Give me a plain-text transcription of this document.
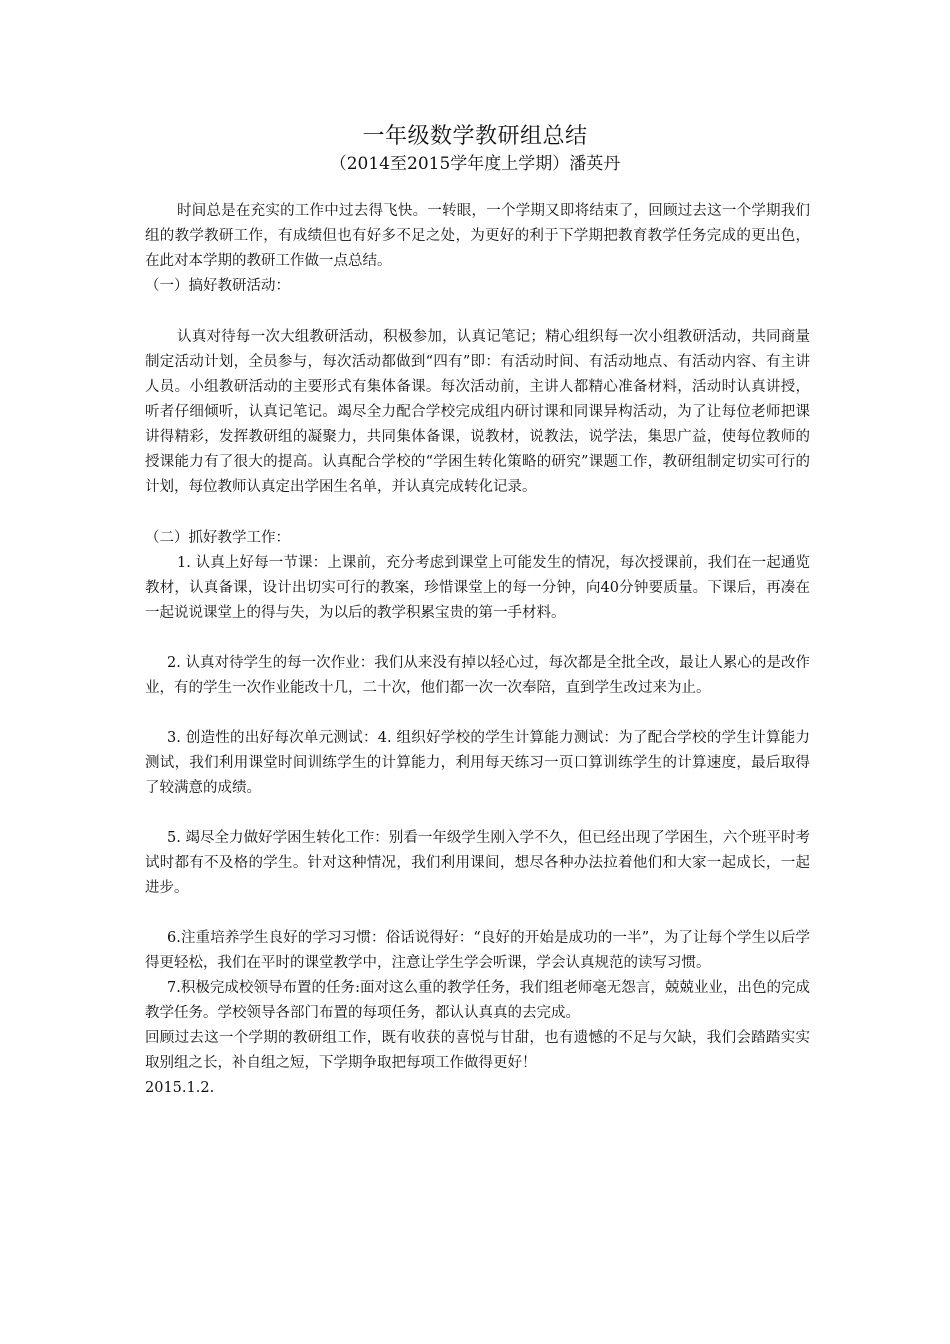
一年级数学教研组总结
（2014至2015学年度上学期）潘英丹

时间总是在充实的工作中过去得飞快。一转眼，一个学期又即将结束了，回顾过去这一个学期我们组的教学教研工作，有成绩但也有好多不足之处，为更好的利于下学期把教育教学任务完成的更出色，在此对本学期的教研工作做一点总结。

（一）搞好教研活动：

认真对待每一次大组教研活动，积极参加，认真记笔记；精心组织每一次小组教研活动，共同商量制定活动计划，全员参与，每次活动都做到“四有”即：有活动时间、有活动地点、有活动内容、有主讲人员。小组教研活动的主要形式有集体备课。每次活动前，主讲人都精心准备材料，活动时认真讲授，听者仔细倾听，认真记笔记。竭尽全力配合学校完成组内研讨课和同课异构活动，为了让每位老师把课讲得精彩，发挥教研组的凝聚力，共同集体备课，说教材，说教法，说学法，集思广益，使每位教师的授课能力有了很大的提高。认真配合学校的“学困生转化策略的研究”课题工作，教研组制定切实可行的计划，每位教师认真定出学困生名单，并认真完成转化记录。

（二）抓好教学工作：

1. 认真上好每一节课：上课前，充分考虑到课堂上可能发生的情况，每次授课前，我们在一起通览教材，认真备课，设计出切实可行的教案，珍惜课堂上的每一分钟，向40分钟要质量。下课后，再凑在一起说说课堂上的得与失，为以后的教学积累宝贵的第一手材料。

2. 认真对待学生的每一次作业：我们从来没有掉以轻心过，每次都是全批全改，最让人累心的是改作业，有的学生一次作业能改十几，二十次，他们都一次一次奉陪，直到学生改过来为止。

3. 创造性的出好每次单元测试：4. 组织好学校的学生计算能力测试：为了配合学校的学生计算能力测试，我们利用课堂时间训练学生的计算能力，利用每天练习一页口算训练学生的计算速度，最后取得了较满意的成绩。

5. 竭尽全力做好学困生转化工作：别看一年级学生刚入学不久，但已经出现了学困生，六个班平时考试时都有不及格的学生。针对这种情况，我们利用课间，想尽各种办法拉着他们和大家一起成长，一起进步。

6.注重培养学生良好的学习习惯：俗话说得好：“良好的开始是成功的一半”，为了让每个学生以后学得更轻松，我们在平时的课堂教学中，注意让学生学会听课，学会认真规范的读写习惯。

7.积极完成校领导布置的任务:面对这么重的教学任务，我们组老师毫无怨言，兢兢业业，出色的完成教学任务。学校领导各部门布置的每项任务，都认认真真的去完成。

回顾过去这一个学期的教研组工作，既有收获的喜悦与甘甜，也有遗憾的不足与欠缺，我们会踏踏实实取别组之长，补自组之短，下学期争取把每项工作做得更好！

2015.1.2.
